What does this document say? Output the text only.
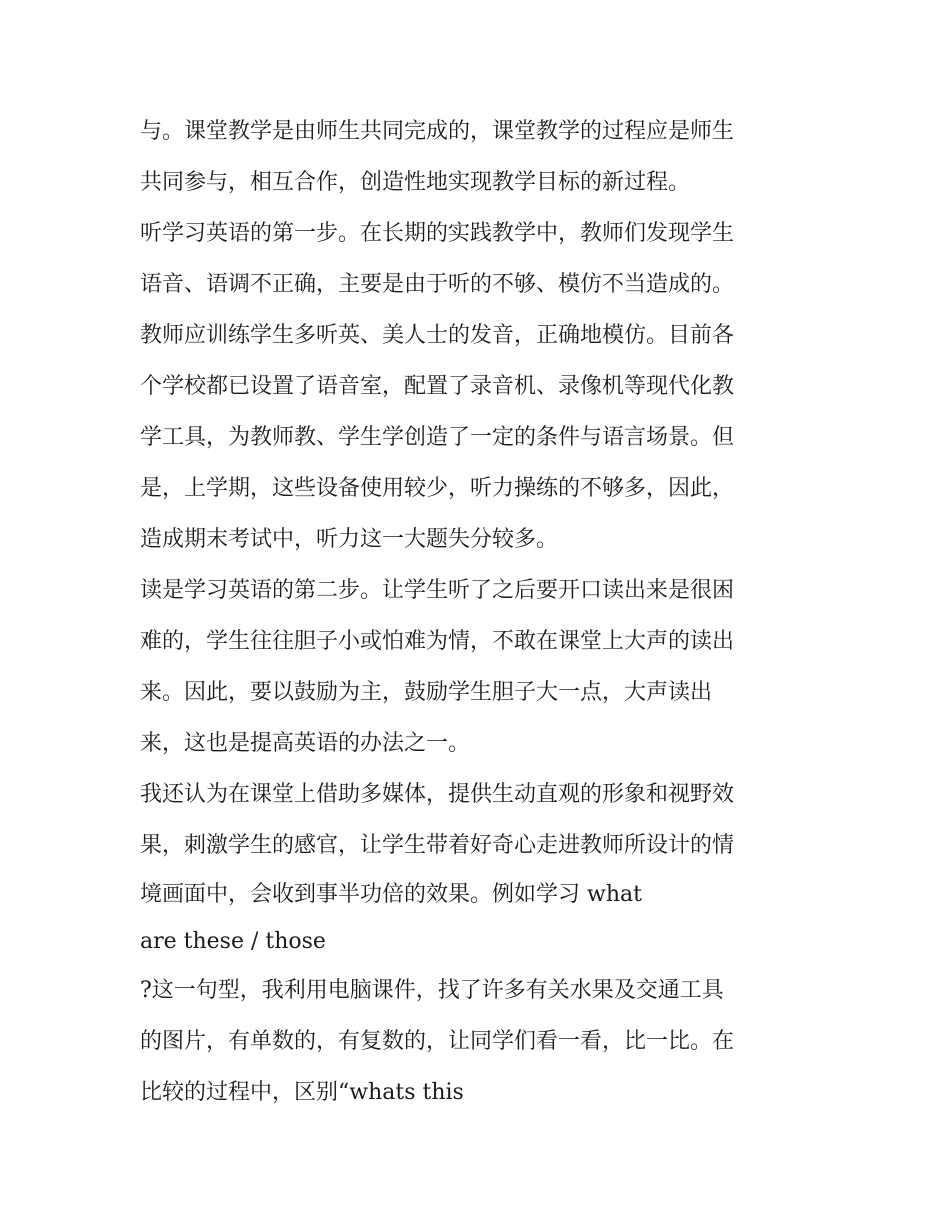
与。课堂教学是由师生共同完成的，课堂教学的过程应是师生
共同参与，相互合作，创造性地实现教学目标的新过程。
听学习英语的第一步。在长期的实践教学中，教师们发现学生
语音、语调不正确，主要是由于听的不够、模仿不当造成的。
教师应训练学生多听英、美人士的发音，正确地模仿。目前各
个学校都已设置了语音室，配置了录音机、录像机等现代化教
学工具，为教师教、学生学创造了一定的条件与语言场景。但
是，上学期，这些设备使用较少，听力操练的不够多，因此，
造成期末考试中，听力这一大题失分较多。
读是学习英语的第二步。让学生听了之后要开口读出来是很困
难的，学生往往胆子小或怕难为情，不敢在课堂上大声的读出
来。因此，要以鼓励为主，鼓励学生胆子大一点，大声读出
来，这也是提高英语的办法之一。
我还认为在课堂上借助多媒体，提供生动直观的形象和视野效
果，刺激学生的感官，让学生带着好奇心走进教师所设计的情
境画面中，会收到事半功倍的效果。例如学习 what
are these / those
?这一句型，我利用电脑课件，找了许多有关水果及交通工具
的图片，有单数的，有复数的，让同学们看一看，比一比。在
比较的过程中，区别“whats this
